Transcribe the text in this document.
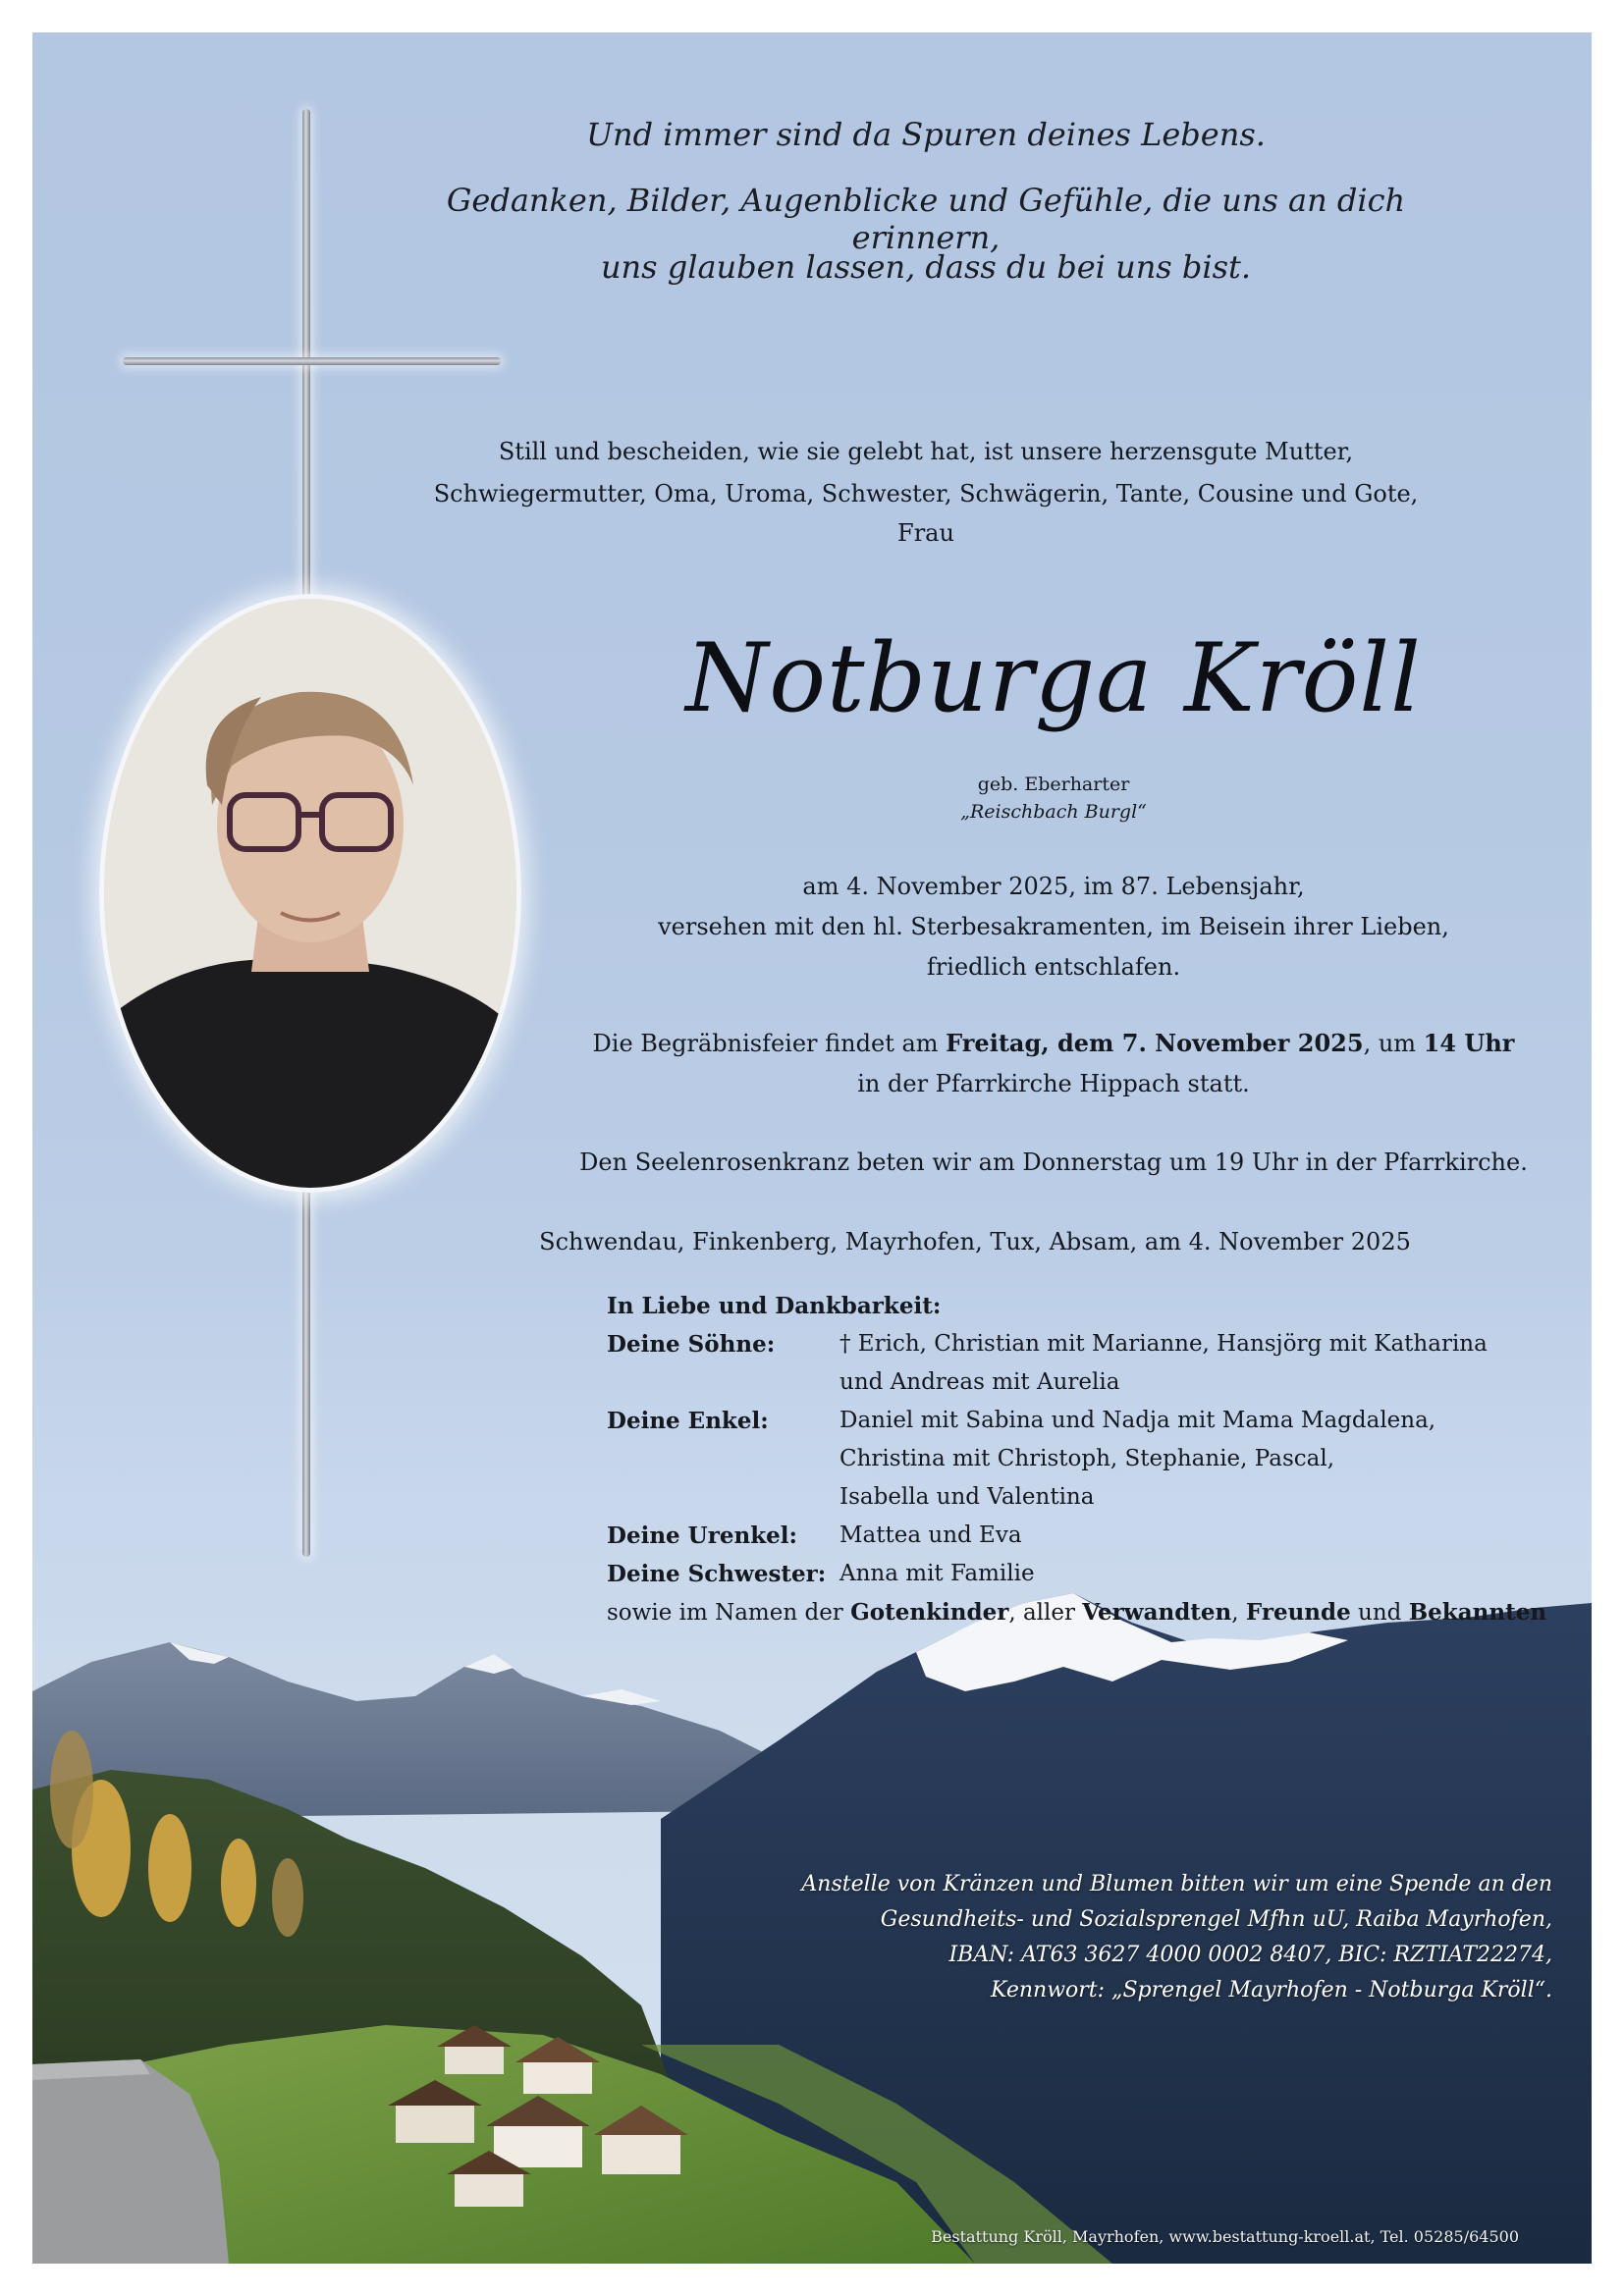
Und immer sind da Spuren deines Lebens.
Gedanken, Bilder, Augenblicke und Gefühle, die uns an dich erinnern,
uns glauben lassen, dass du bei uns bist.
Still und bescheiden, wie sie gelebt hat, ist unsere herzensgute Mutter,
Schwiegermutter, Oma, Uroma, Schwester, Schwägerin, Tante, Cousine und Gote, Frau
Notburga Kröll
geb. Eberharter
„Reischbach Burgl“
am 4. November 2025, im 87. Lebensjahr,
versehen mit den hl. Sterbesakramenten, im Beisein ihrer Lieben,
friedlich entschlafen.
Die Begräbnisfeier findet am Freitag, dem 7. November 2025, um 14 Uhr
in der Pfarrkirche Hippach statt.
Den Seelenrosenkranz beten wir am Donnerstag um 19 Uhr in der Pfarrkirche.
Schwendau, Finkenberg, Mayrhofen, Tux, Absam, am 4. November 2025
In Liebe und Dankbarkeit:
Deine Söhne:	† Erich, Christian mit Marianne, Hansjörg mit Katharina
und Andreas mit Aurelia
Deine Enkel:	Daniel mit Sabina und Nadja mit Mama Magdalena,
Christina mit Christoph, Stephanie, Pascal,
Isabella und Valentina
Deine Urenkel: Mattea und Eva
Deine Schwester: Anna mit Familie
sowie im Namen der Gotenkinder, aller Verwandten, Freunde und Bekannten
Anstelle von Kränzen und Blumen bitten wir um eine Spende an den
Gesundheits- und Sozialsprengel Mfhn uU, Raiba Mayrhofen,
IBAN: AT63 3627 4000 0002 8407, BIC: RZTIAT22274,
Kennwort: „Sprengel Mayrhofen - Notburga Kröll“.
Bestattung Kröll, Mayrhofen, www.bestattung-kroell.at, Tel. 05285/64500
